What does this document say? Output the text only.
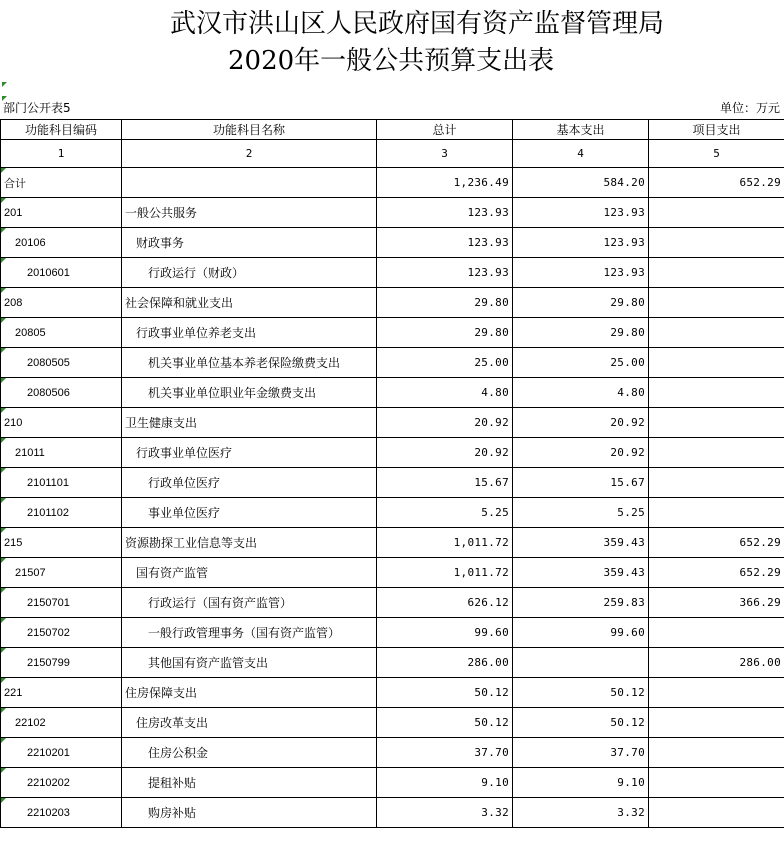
武汉市洪山区人民政府国有资产监督管理局
2020年一般公共预算支出表
部门公开表5	单位：万元
功能科目编码	功能科目名称	总计	基本支出	项目支出
1	2	3	4	5
合计		1,236.49	584.20	652.29
201	一般公共服务	123.93	123.93	
20106	财政事务	123.93	123.93	
2010601	行政运行（财政）	123.93	123.93	
208	社会保障和就业支出	29.80	29.80	
20805	行政事业单位养老支出	29.80	29.80	
2080505	机关事业单位基本养老保险缴费支出	25.00	25.00	
2080506	机关事业单位职业年金缴费支出	4.80	4.80	
210	卫生健康支出	20.92	20.92	
21011	行政事业单位医疗	20.92	20.92	
2101101	行政单位医疗	15.67	15.67	
2101102	事业单位医疗	5.25	5.25	
215	资源勘探工业信息等支出	1,011.72	359.43	652.29
21507	国有资产监管	1,011.72	359.43	652.29
2150701	行政运行（国有资产监管）	626.12	259.83	366.29
2150702	一般行政管理事务（国有资产监管）	99.60	99.60	
2150799	其他国有资产监管支出	286.00		286.00
221	住房保障支出	50.12	50.12	
22102	住房改革支出	50.12	50.12	
2210201	住房公积金	37.70	37.70	
2210202	提租补贴	9.10	9.10	
2210203	购房补贴	3.32	3.32	
